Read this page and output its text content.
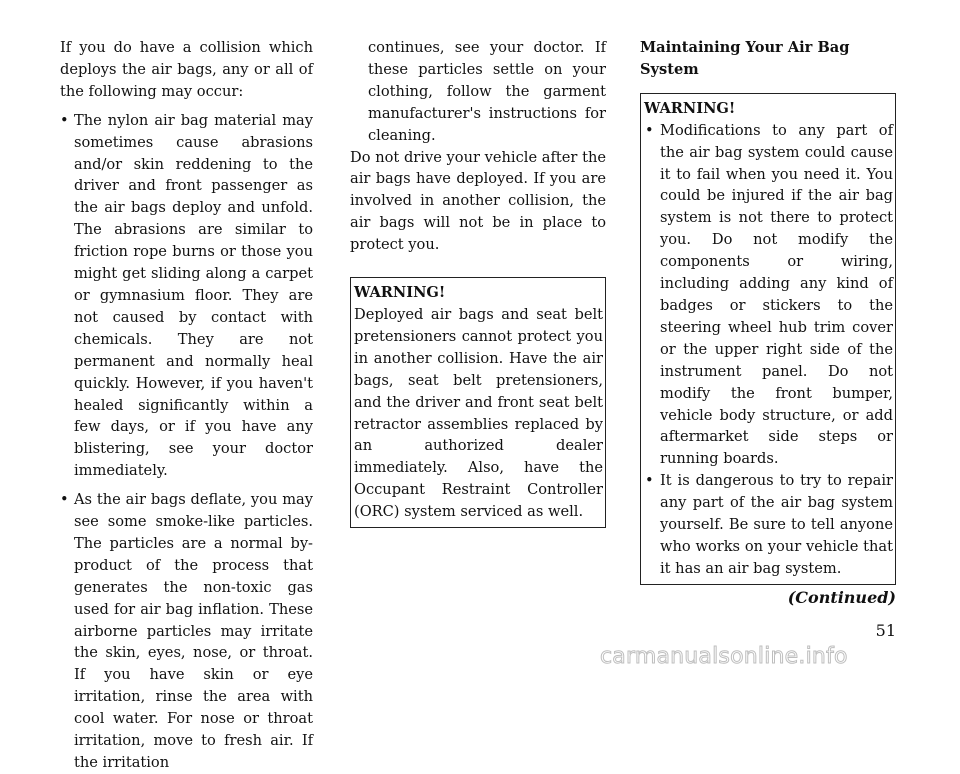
If you do have a collision which deploys the air bags, any or all of the following may occur:

• The nylon air bag material may sometimes cause abrasions and/or skin reddening to the driver and front passenger as the air bags deploy and unfold. The abrasions are similar to friction rope burns or those you might get sliding along a carpet or gymnasium floor. They are not caused by contact with chemicals. They are not permanent and normally heal quickly. However, if you haven't healed significantly within a few days, or if you have any blistering, see your doctor immediately.
• As the air bags deflate, you may see some smoke-like particles. The particles are a normal by-product of the process that generates the non-toxic gas used for air bag inflation. These airborne particles may irritate the skin, eyes, nose, or throat. If you have skin or eye irritation, rinse the area with cool water. For nose or throat irritation, move to fresh air. If the irritation

continues, see your doctor. If these particles settle on your clothing, follow the garment manufacturer's instructions for cleaning.

Do not drive your vehicle after the air bags have deployed. If you are involved in another collision, the air bags will not be in place to protect you.

WARNING!

Deployed air bags and seat belt pretensioners cannot protect you in another collision. Have the air bags, seat belt pretensioners, and the driver and front seat belt retractor assemblies replaced by an authorized dealer immediately. Also, have the Occupant Restraint Controller (ORC) system serviced as well.

Maintaining Your Air Bag System
WARNING!
• Modifications to any part of the air bag system could cause it to fail when you need it. You could be injured if the air bag system is not there to protect you. Do not modify the components or wiring, including adding any kind of badges or stickers to the steering wheel hub trim cover or the upper right side of the instrument panel. Do not modify the front bumper, vehicle body structure, or add aftermarket side steps or running boards.
• It is dangerous to try to repair any part of the air bag system yourself. Be sure to tell anyone who works on your vehicle that it has an air bag system.
(Continued)
51
carmanualsonline.info
